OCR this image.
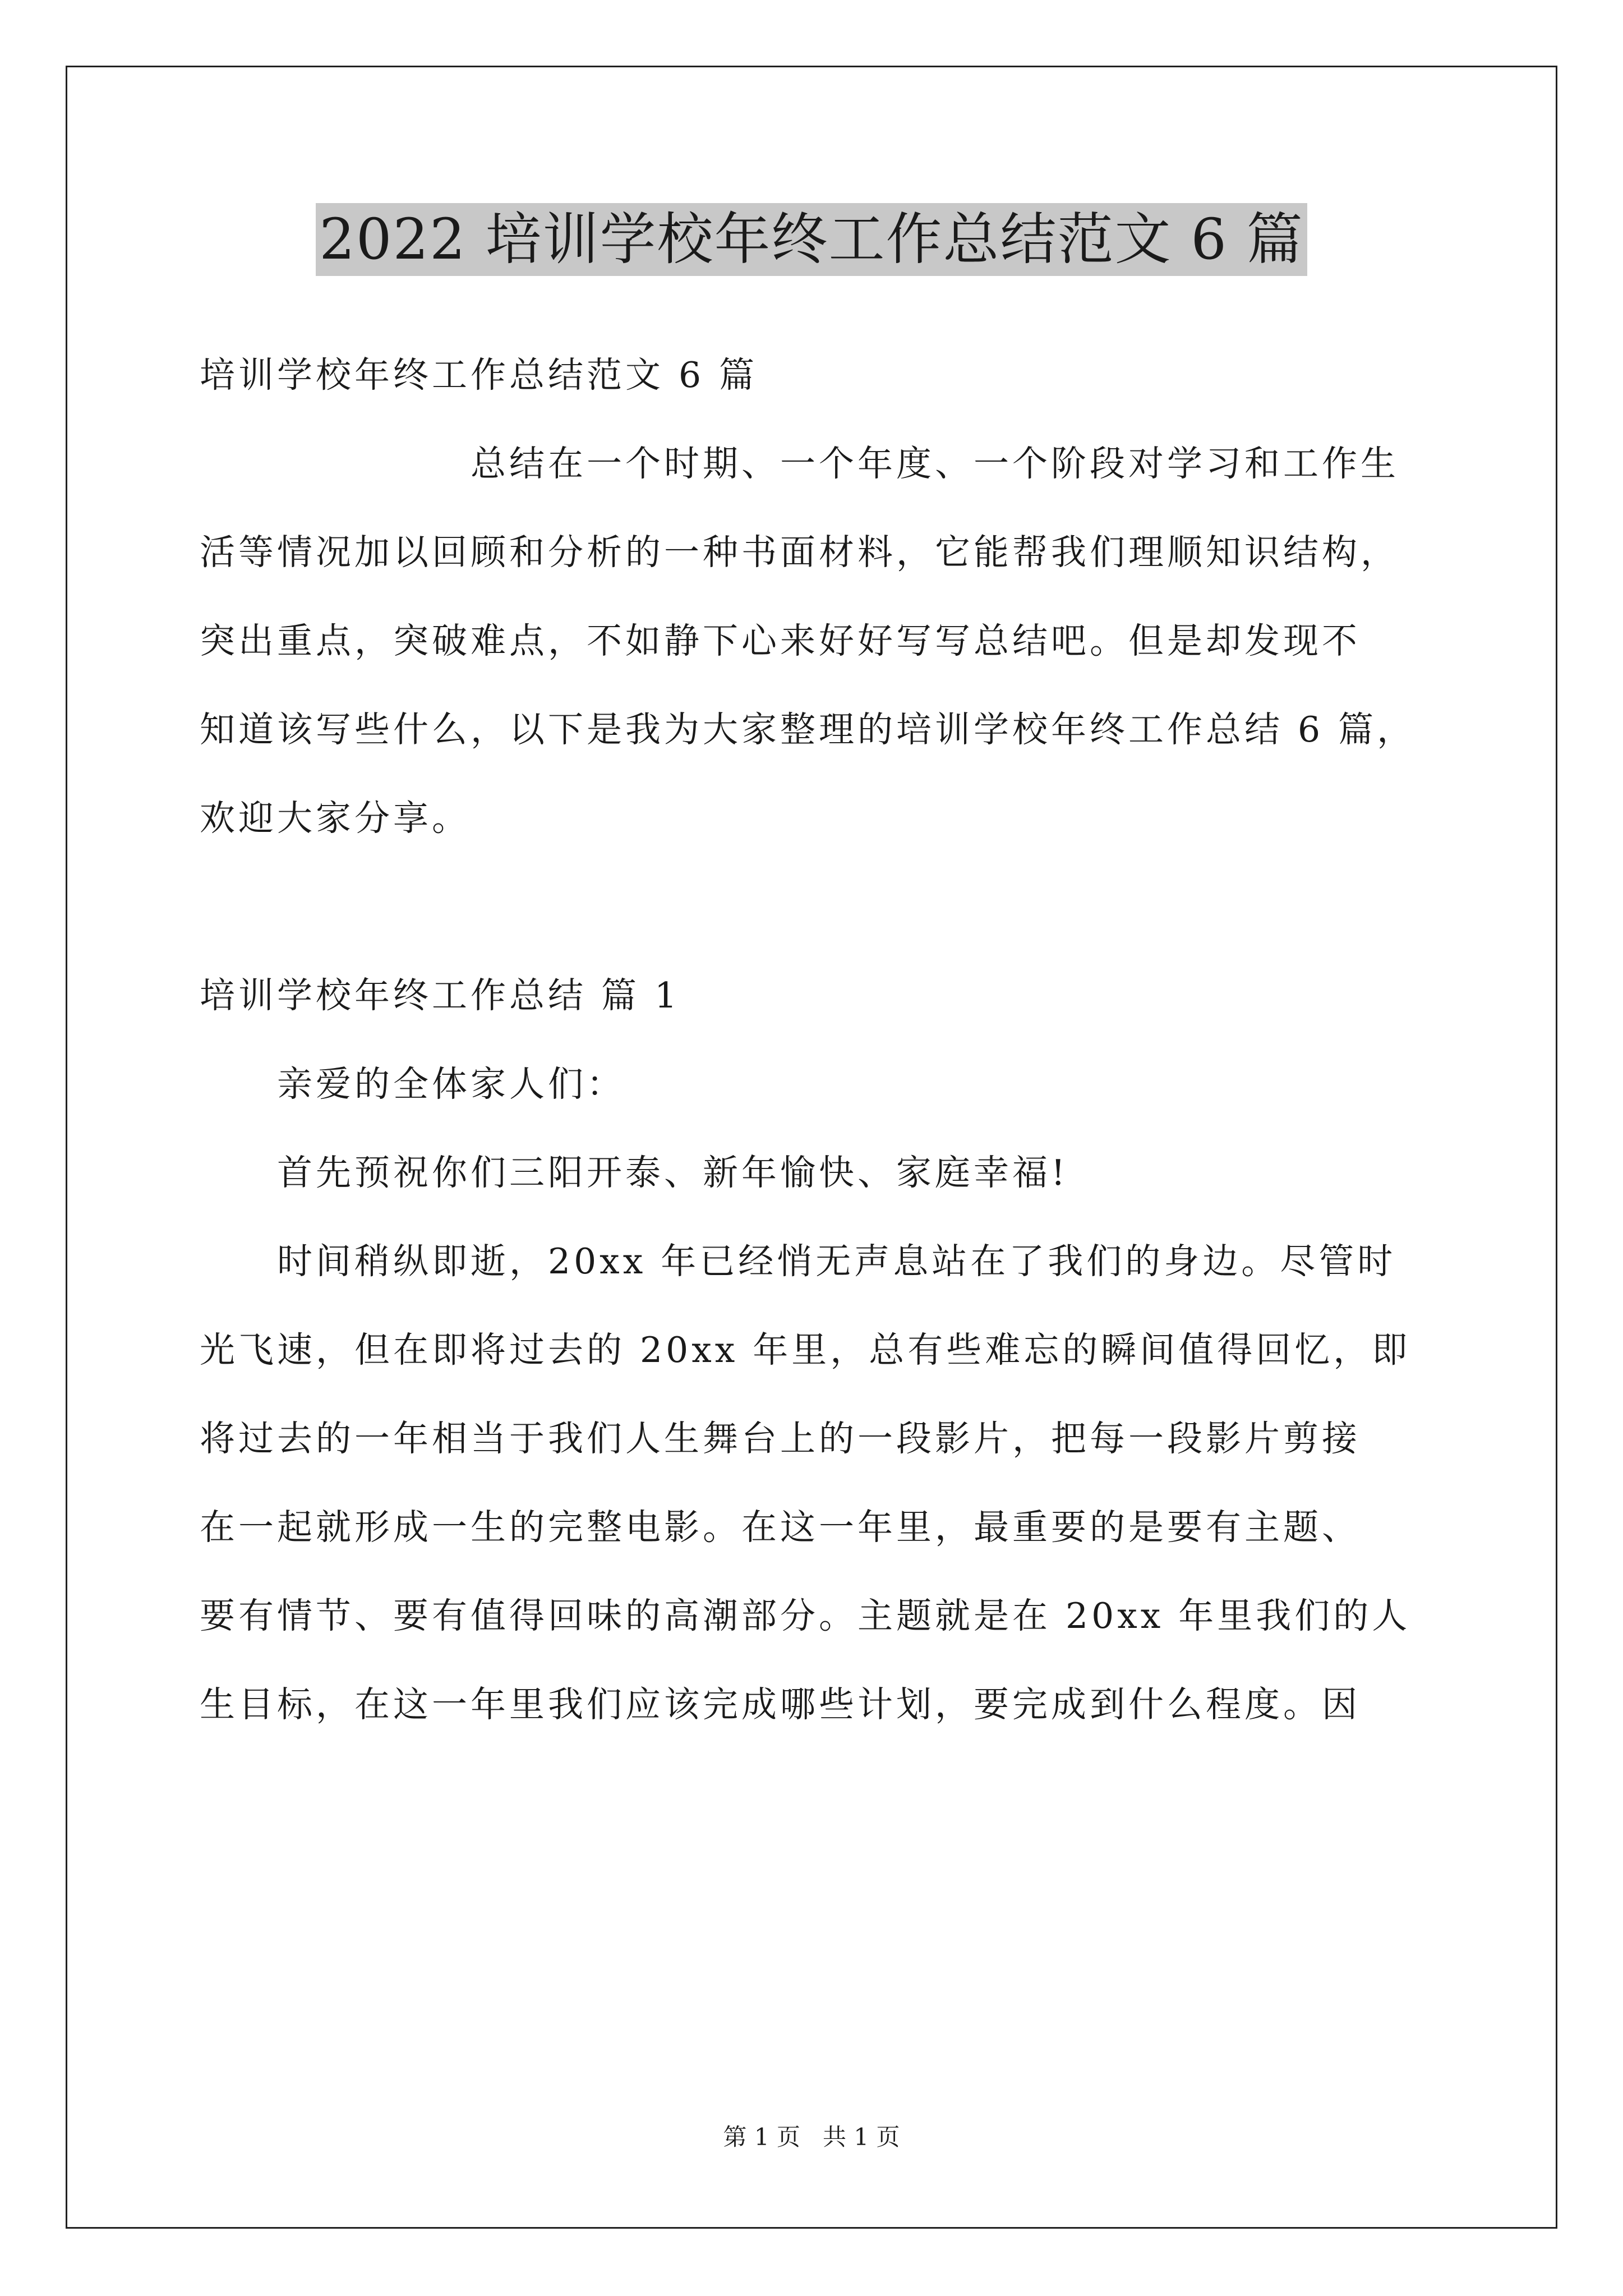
2022 培训学校年终工作总结范文 6 篇

培训学校年终工作总结范文 6 篇

　　　　　　　总结在一个时期、一个年度、一个阶段对学习和工作生

活等情况加以回顾和分析的一种书面材料，它能帮我们理顺知识结构，

突出重点，突破难点，不如静下心来好好写写总结吧。但是却发现不

知道该写些什么，以下是我为大家整理的培训学校年终工作总结 6 篇，

欢迎大家分享。

培训学校年终工作总结 篇 1

　　亲爱的全体家人们：

　　首先预祝你们三阳开泰、新年愉快、家庭幸福!

　　时间稍纵即逝，20xx 年已经悄无声息站在了我们的身边。尽管时

光飞速，但在即将过去的 20xx 年里，总有些难忘的瞬间值得回忆，即

将过去的一年相当于我们人生舞台上的一段影片，把每一段影片剪接

在一起就形成一生的完整电影。在这一年里，最重要的是要有主题、

要有情节、要有值得回味的高潮部分。主题就是在 20xx 年里我们的人

生目标，在这一年里我们应该完成哪些计划，要完成到什么程度。因

第 1 页   共 1 页
